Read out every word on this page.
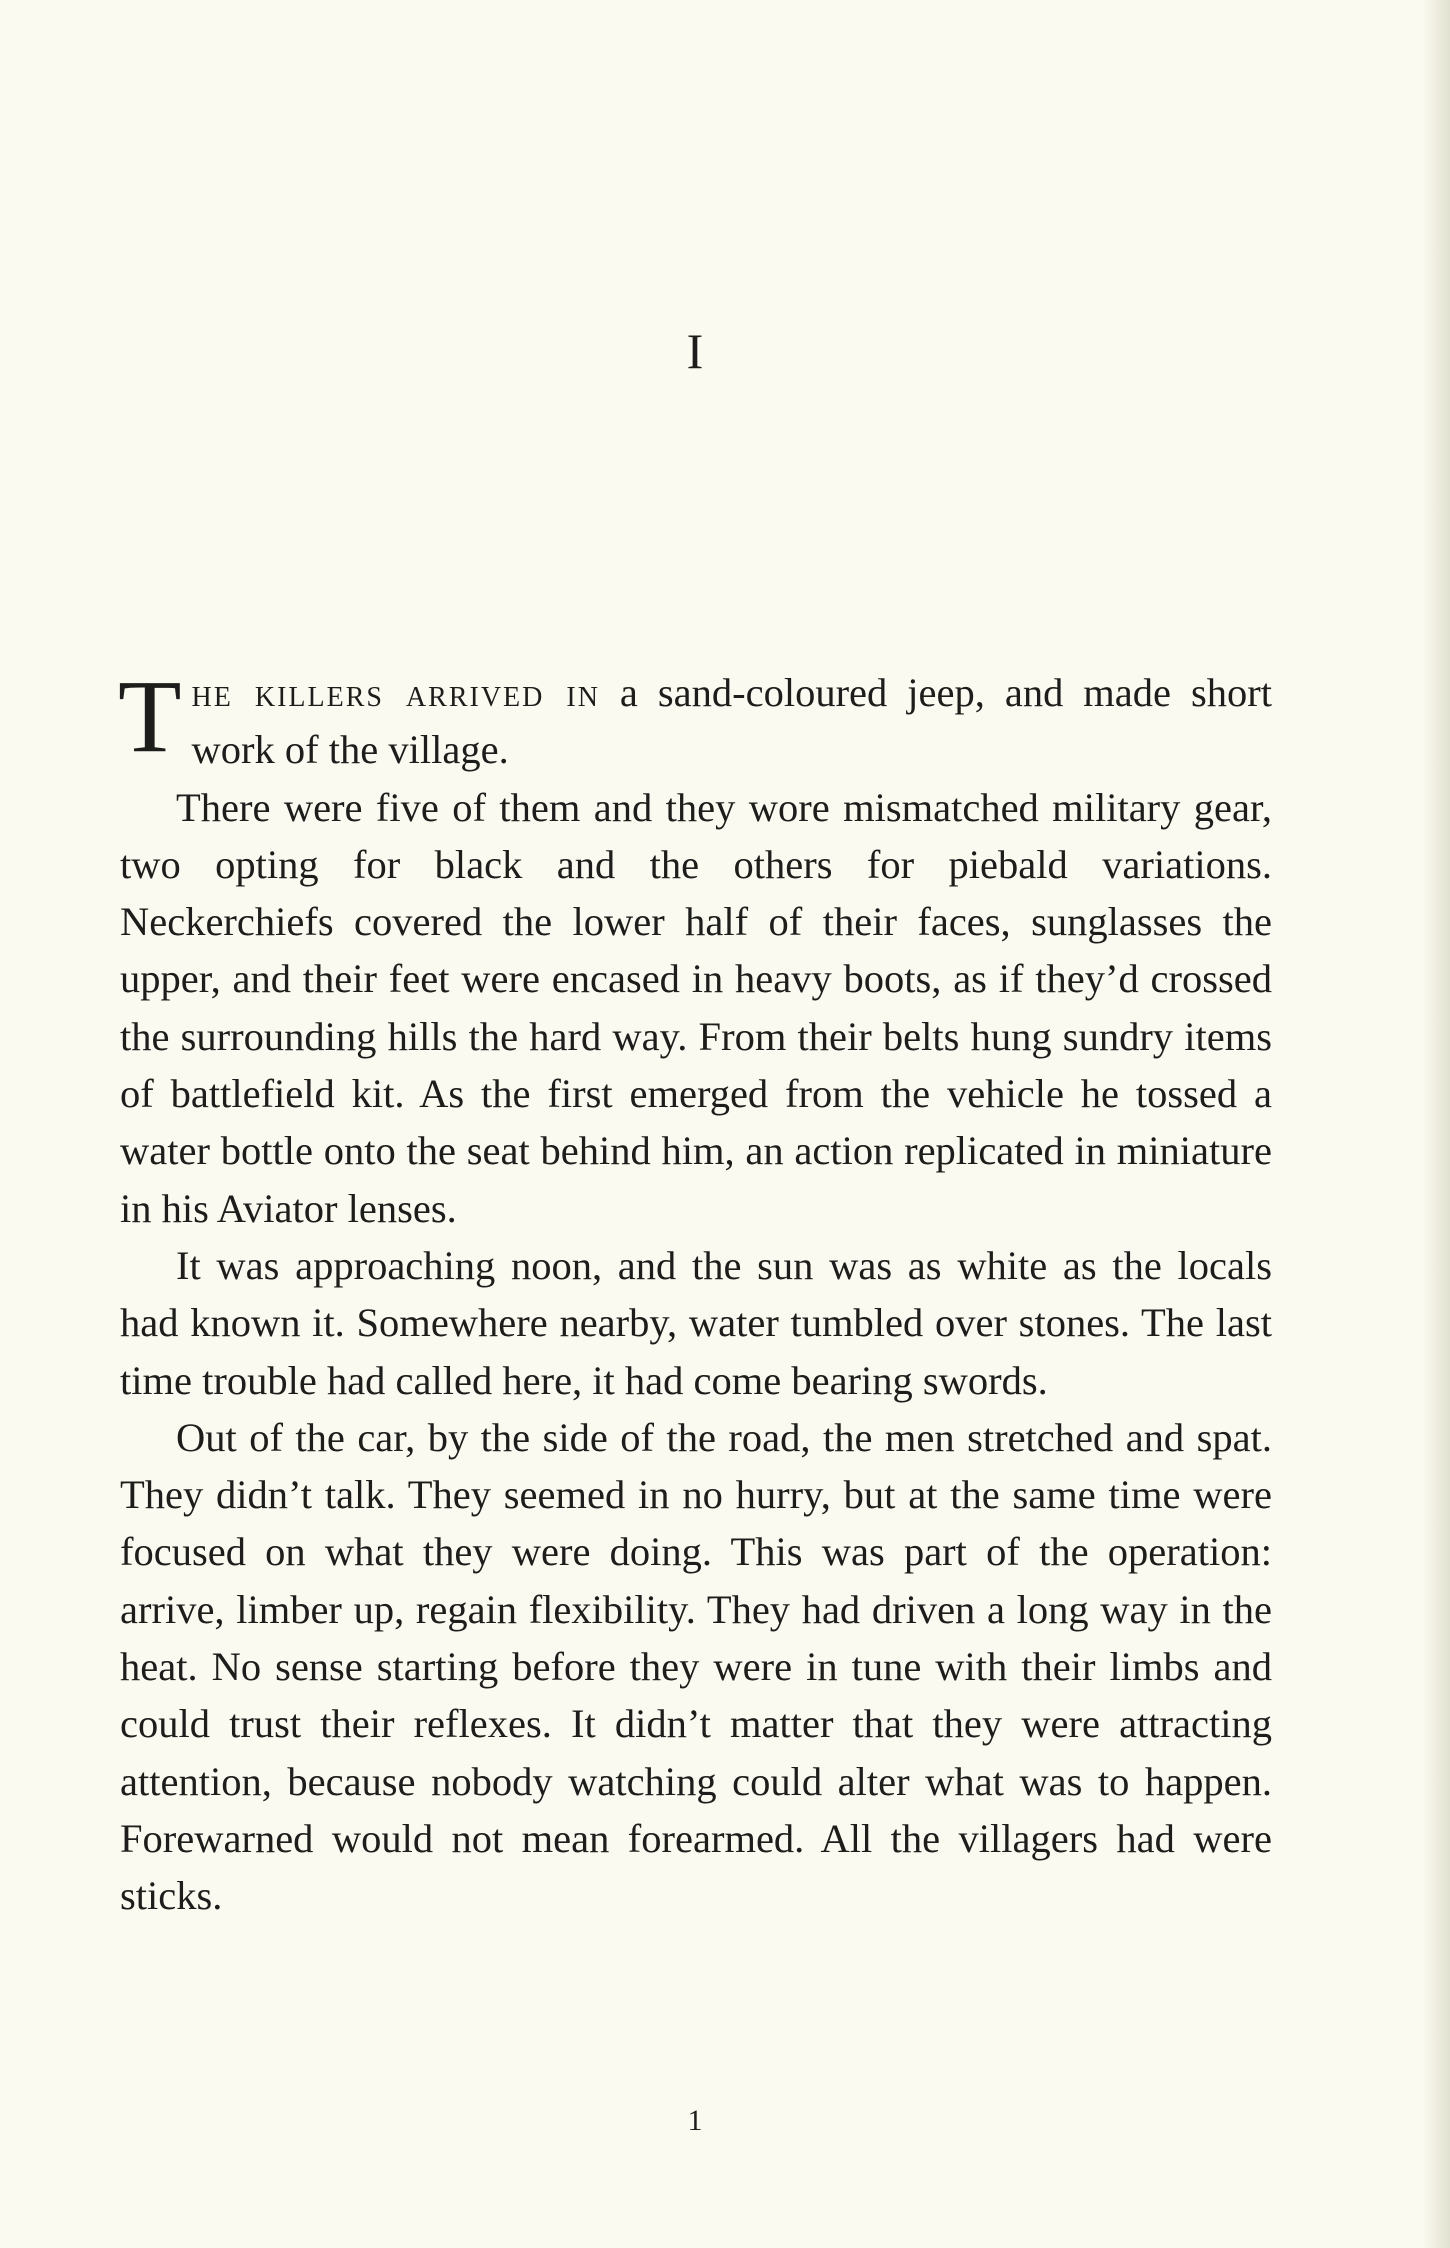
I

The killers arrived in a sand-coloured jeep, and made short work of the village.

There were five of them and they wore mismatched military gear, two opting for black and the others for piebald variations. Neckerchiefs covered the lower half of their faces, sunglasses the upper, and their feet were encased in heavy boots, as if they’d crossed the surrounding hills the hard way. From their belts hung sundry items of battlefield kit. As the first emerged from the vehicle he tossed a water bottle onto the seat behind him, an action replicated in miniature in his Aviator lenses.

It was approaching noon, and the sun was as white as the locals had known it. Somewhere nearby, water tumbled over stones. The last time trouble had called here, it had come bearing swords.

Out of the car, by the side of the road, the men stretched and spat. They didn’t talk. They seemed in no hurry, but at the same time were focused on what they were doing. This was part of the operation: arrive, limber up, regain flexibility. They had driven a long way in the heat. No sense starting before they were in tune with their limbs and could trust their reflexes. It didn’t matter that they were attracting attention, because nobody watching could alter what was to happen. Forewarned would not mean forearmed. All the villagers had were sticks.

1
